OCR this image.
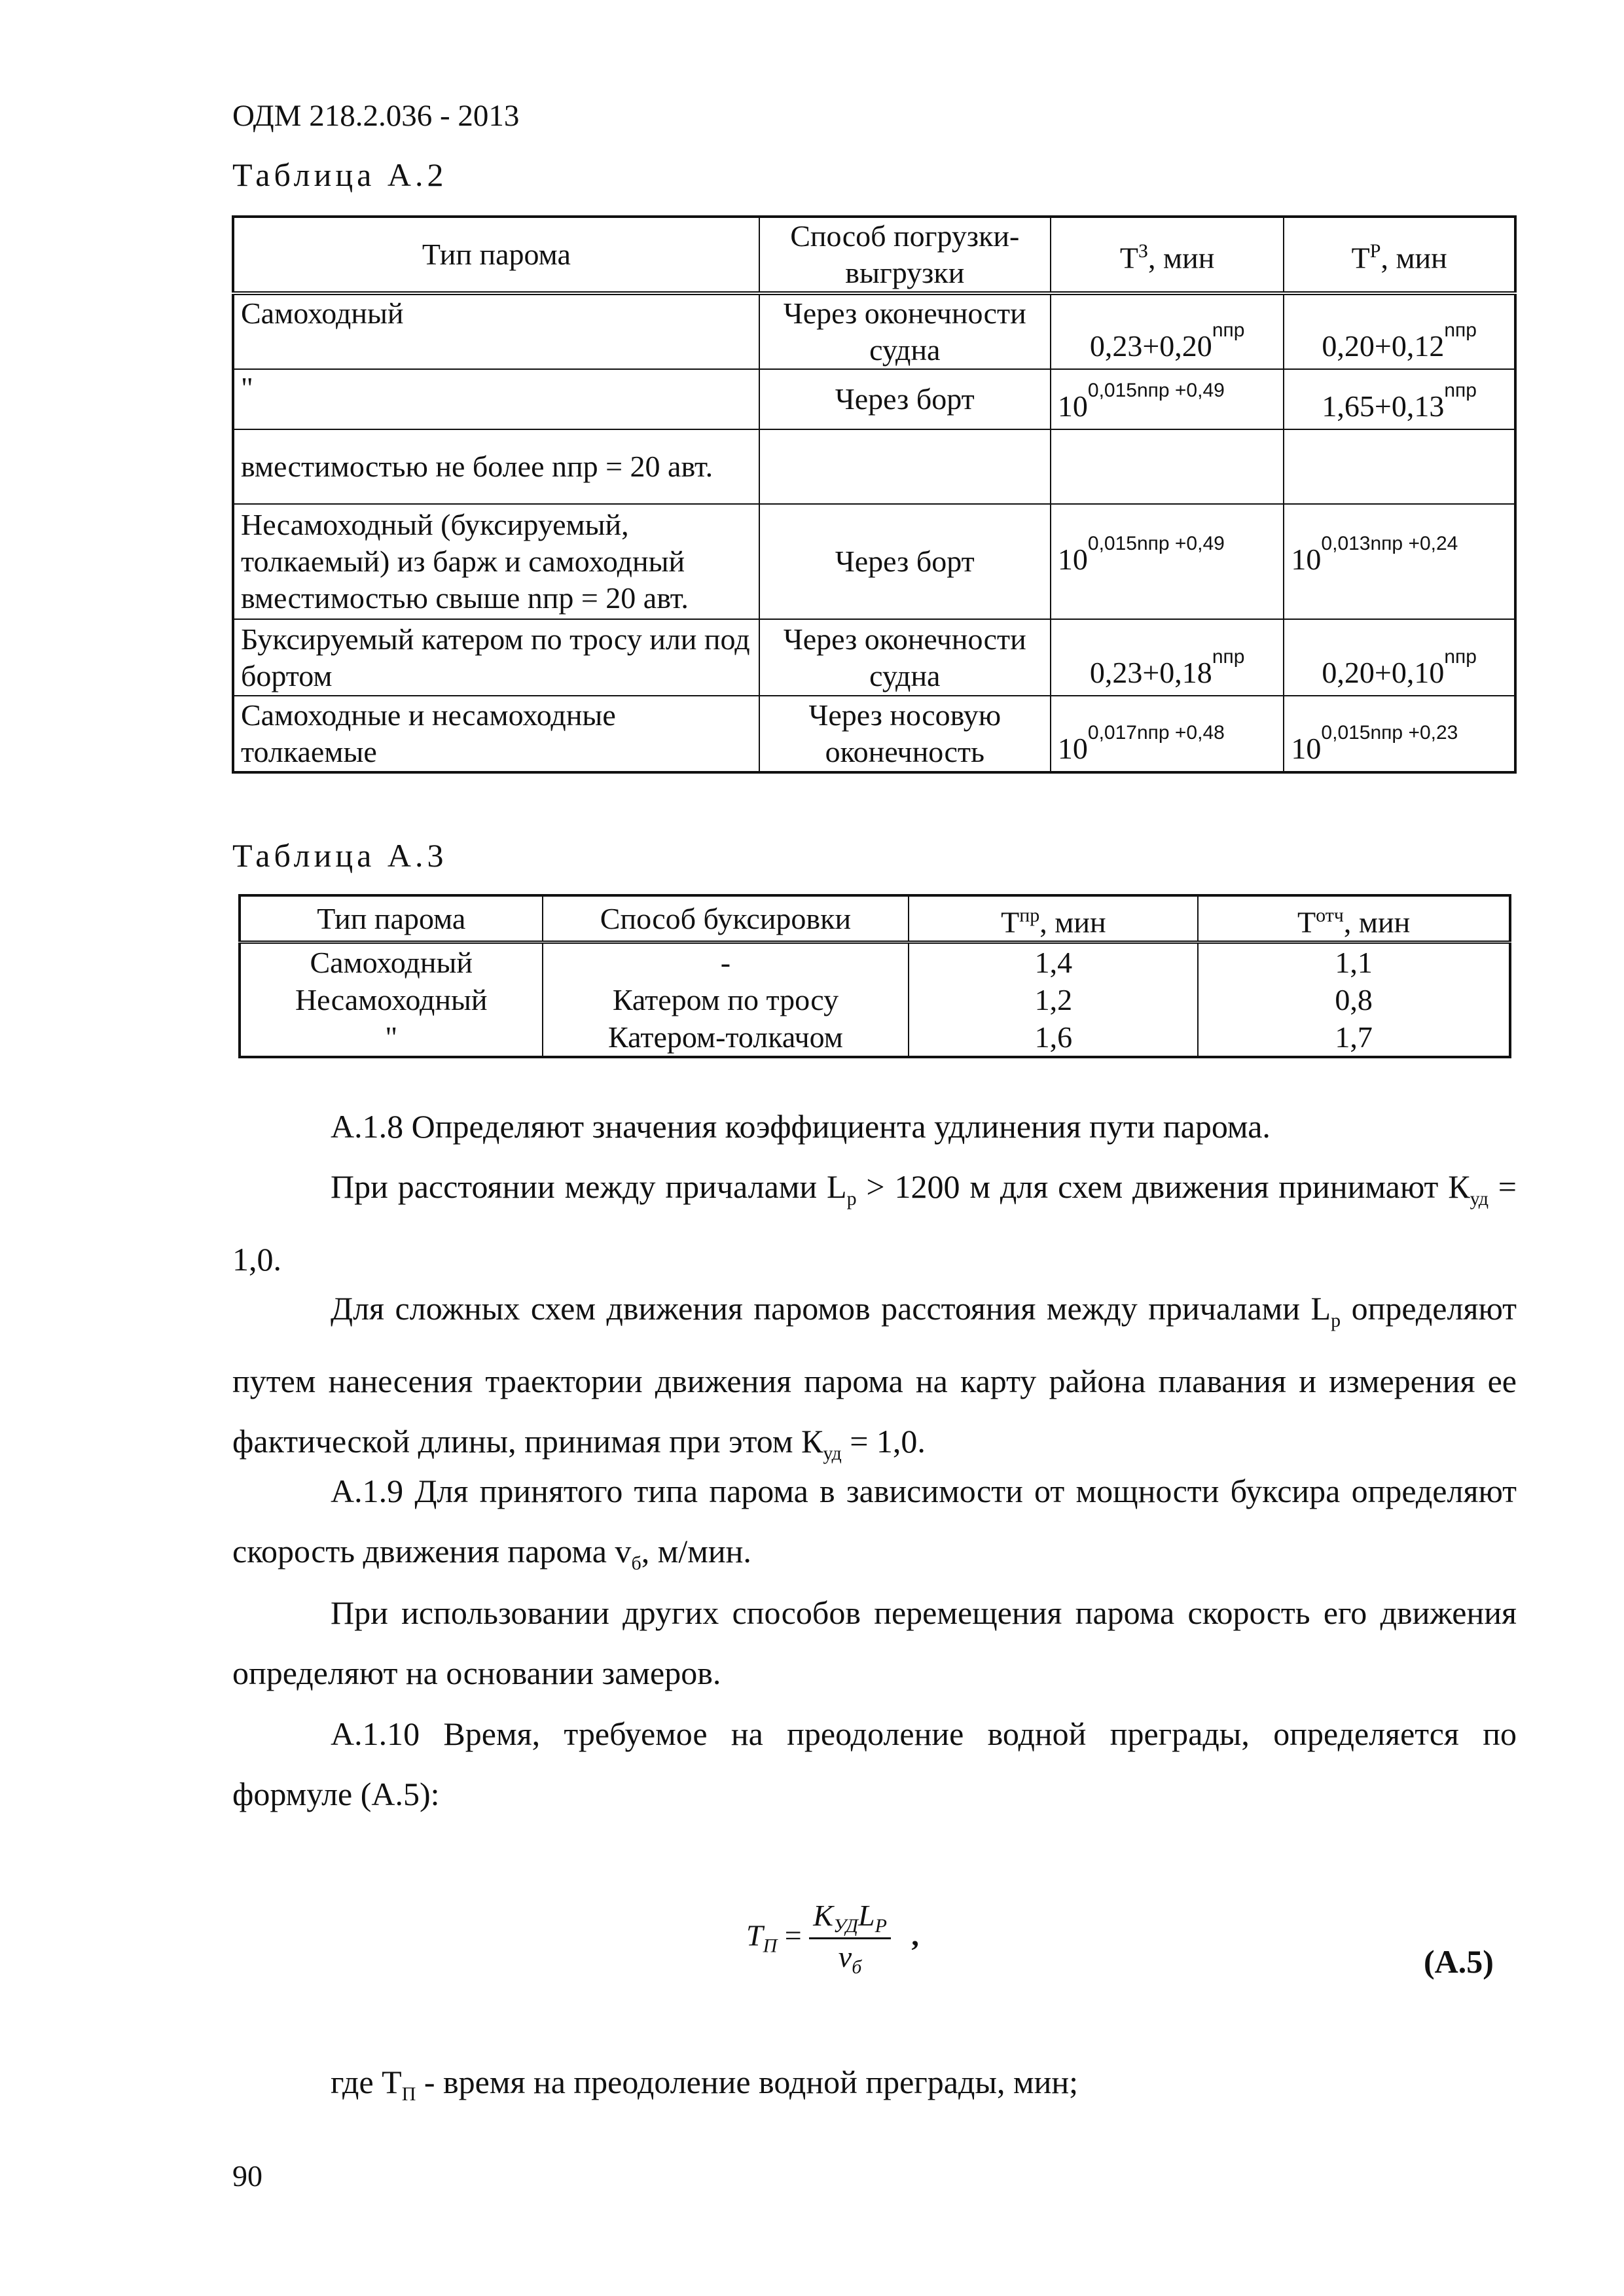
ОДМ 218.2.036 - 2013
Таблица А.2
Тип парома	Способ погрузки-выгрузки	$Т^З$, мин	$Т^Р$, мин
Самоходный	Через оконечности судна	$0,23+0,20^{nпр}$	$0,20+0,12^{nпр}$
"	Через борт	$10^{0,015nпр +0,49}$	$1,65+0,13^{nпр}$
вместимостью не более nпр = 20 авт.			
Несамоходный (буксируемый, толкаемый) из барж и самоходный вместимостью свыше nпр = 20 авт.	Через борт	$10^{0,015nпр +0,49}$	$10^{0,013nпр +0,24}$
Буксируемый катером по тросу или под бортом	Через оконечности судна	$0,23+0,18^{nпр}$	$0,20+0,10^{nпр}$
Самоходные и несамоходные толкаемые	Через носовую оконечность	$10^{0,017nпр +0,48}$	$10^{0,015nпр +0,23}$
Таблица А.3
Тип парома	Способ буксировки	$Т^{пр}$, мин	$Т^{отч}$, мин
Самоходный	-	1,4	1,1
Несамоходный	Катером по тросу	1,2	0,8
"	Катером-толкачом	1,6	1,7
А.1.8 Определяют значения коэффициента удлинения пути парома.
При расстоянии между причалами $L_р > 1200$ м для схем движения принимают $К_{уд} = 1,0$.
Для сложных схем движения паромов расстояния между причалами $L_р$ определяют путем нанесения траектории движения парома на карту района плавания и измерения ее фактической длины, принимая при этом $К_{уд} = 1,0$.
А.1.9 Для принятого типа парома в зависимости от мощности буксира определяют скорость движения парома $v_б$, м/мин.
При использовании других способов перемещения парома скорость его движения определяют на основании замеров.
А.1.10 Время, требуемое на преодоление водной преграды, определяется по формуле (А.5):
$T_П = \frac{K_{УД}L_P}{v_б}$ ,
(А.5)
где $Т_П$ - время на преодоление водной преграды, мин;
90
